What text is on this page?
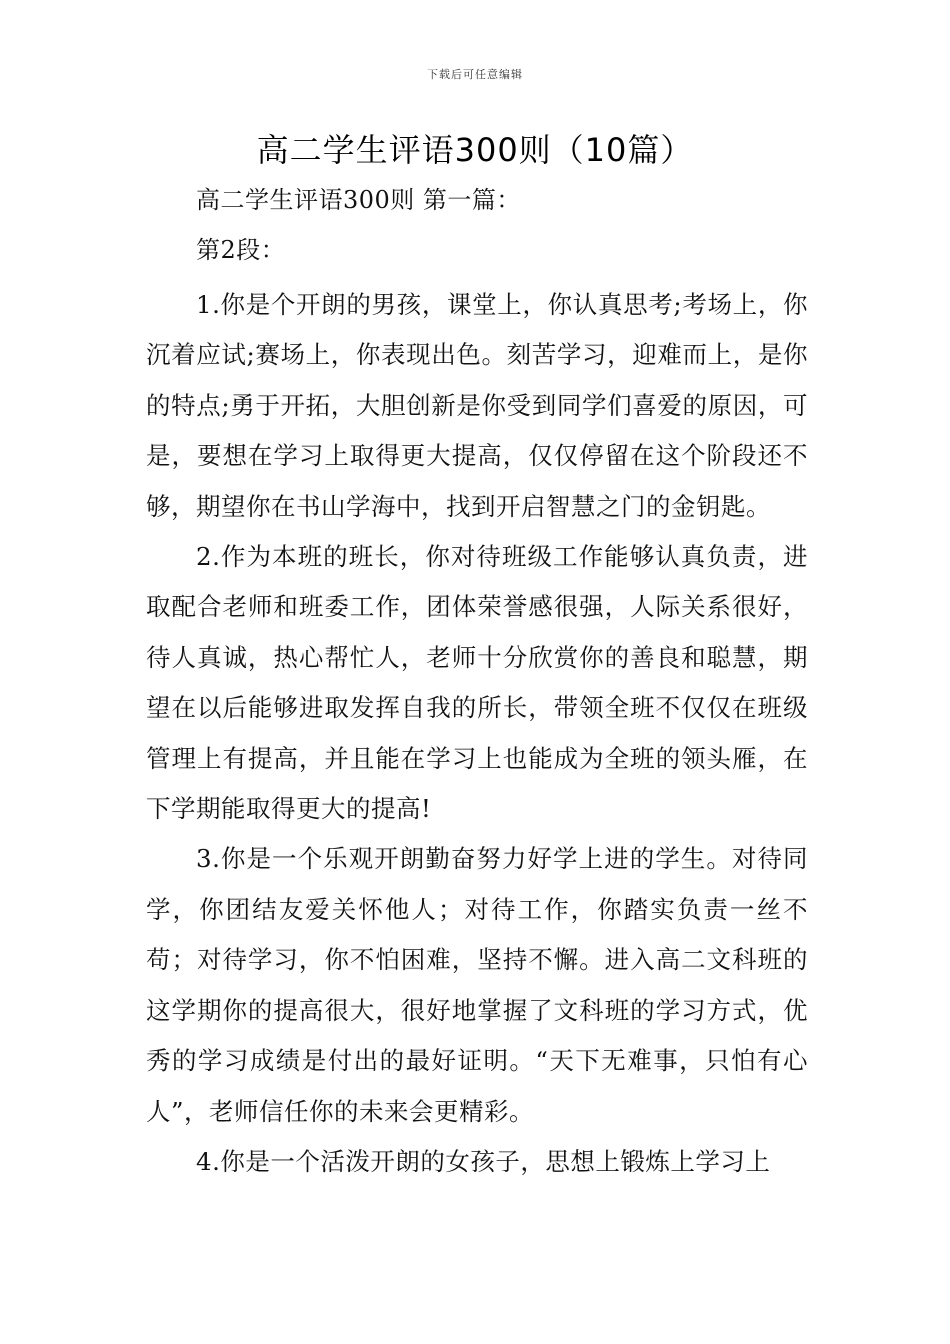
下载后可任意编辑
高二学生评语300则（10篇）

高二学生评语300则 第一篇：

第2段：

1.你是个开朗的男孩，课堂上，你认真思考;考场上，你沉着应试;赛场上，你表现出色。刻苦学习，迎难而上，是你的特点;勇于开拓，大胆创新是你受到同学们喜爱的原因，可是，要想在学习上取得更大提高，仅仅停留在这个阶段还不够，期望你在书山学海中，找到开启智慧之门的金钥匙。

2.作为本班的班长，你对待班级工作能够认真负责，进取配合老师和班委工作，团体荣誉感很强，人际关系很好，待人真诚，热心帮忙人，老师十分欣赏你的善良和聪慧，期望在以后能够进取发挥自我的所长，带领全班不仅仅在班级管理上有提高，并且能在学习上也能成为全班的领头雁，在下学期能取得更大的提高!

3.你是一个乐观开朗勤奋努力好学上进的学生。对待同学，你团结友爱关怀他人；对待工作，你踏实负责一丝不苟；对待学习，你不怕困难，坚持不懈。进入高二文科班的这学期你的提高很大，很好地掌握了文科班的学习方式，优秀的学习成绩是付出的最好证明。“天下无难事，只怕有心人”，老师信任你的未来会更精彩。

4.你是一个活泼开朗的女孩子，思想上锻炼上学习上
